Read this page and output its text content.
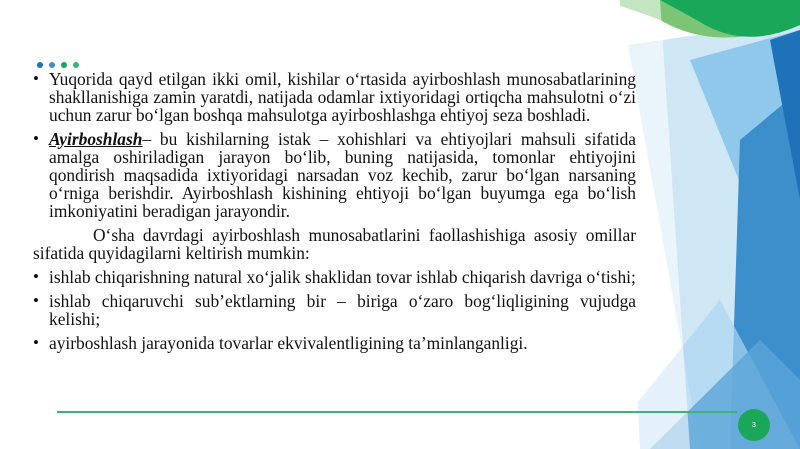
• Yuqorida qayd etilgan ikki omil, kishilar o‘rtasida ayirboshlash munosabatlarining shakllanishiga zamin yaratdi, natijada odamlar ixtiyoridagi ortiqcha mahsulotni o‘zi uchun zarur bo‘lgan boshqa mahsulotga ayirboshlashga ehtiyoj seza boshladi.
• Ayirboshlash– bu kishilarning istak – xohishlari va ehtiyojlari mahsuli sifatida amalga oshiriladigan jarayon bo‘lib, buning natijasida, tomonlar ehtiyojini qondirish maqsadida ixtiyoridagi narsadan voz kechib, zarur bo‘lgan narsaning o‘rniga berishdir. Ayirboshlash kishining ehtiyoji bo‘lgan buyumga ega bo‘lish imkoniyatini beradigan jarayondir.
O‘sha davrdagi ayirboshlash munosabatlarini faollashishiga asosiy omillar sifatida quyidagilarni keltirish mumkin:
• ishlab chiqarishning natural xo‘jalik shaklidan tovar ishlab chiqarish davriga o‘tishi;
• ishlab chiqaruvchi sub’ektlarning bir – biriga o‘zaro bog‘liqligining vujudga kelishi;
• ayirboshlash jarayonida tovarlar ekvivalentligining ta’minlanganligi.
3
